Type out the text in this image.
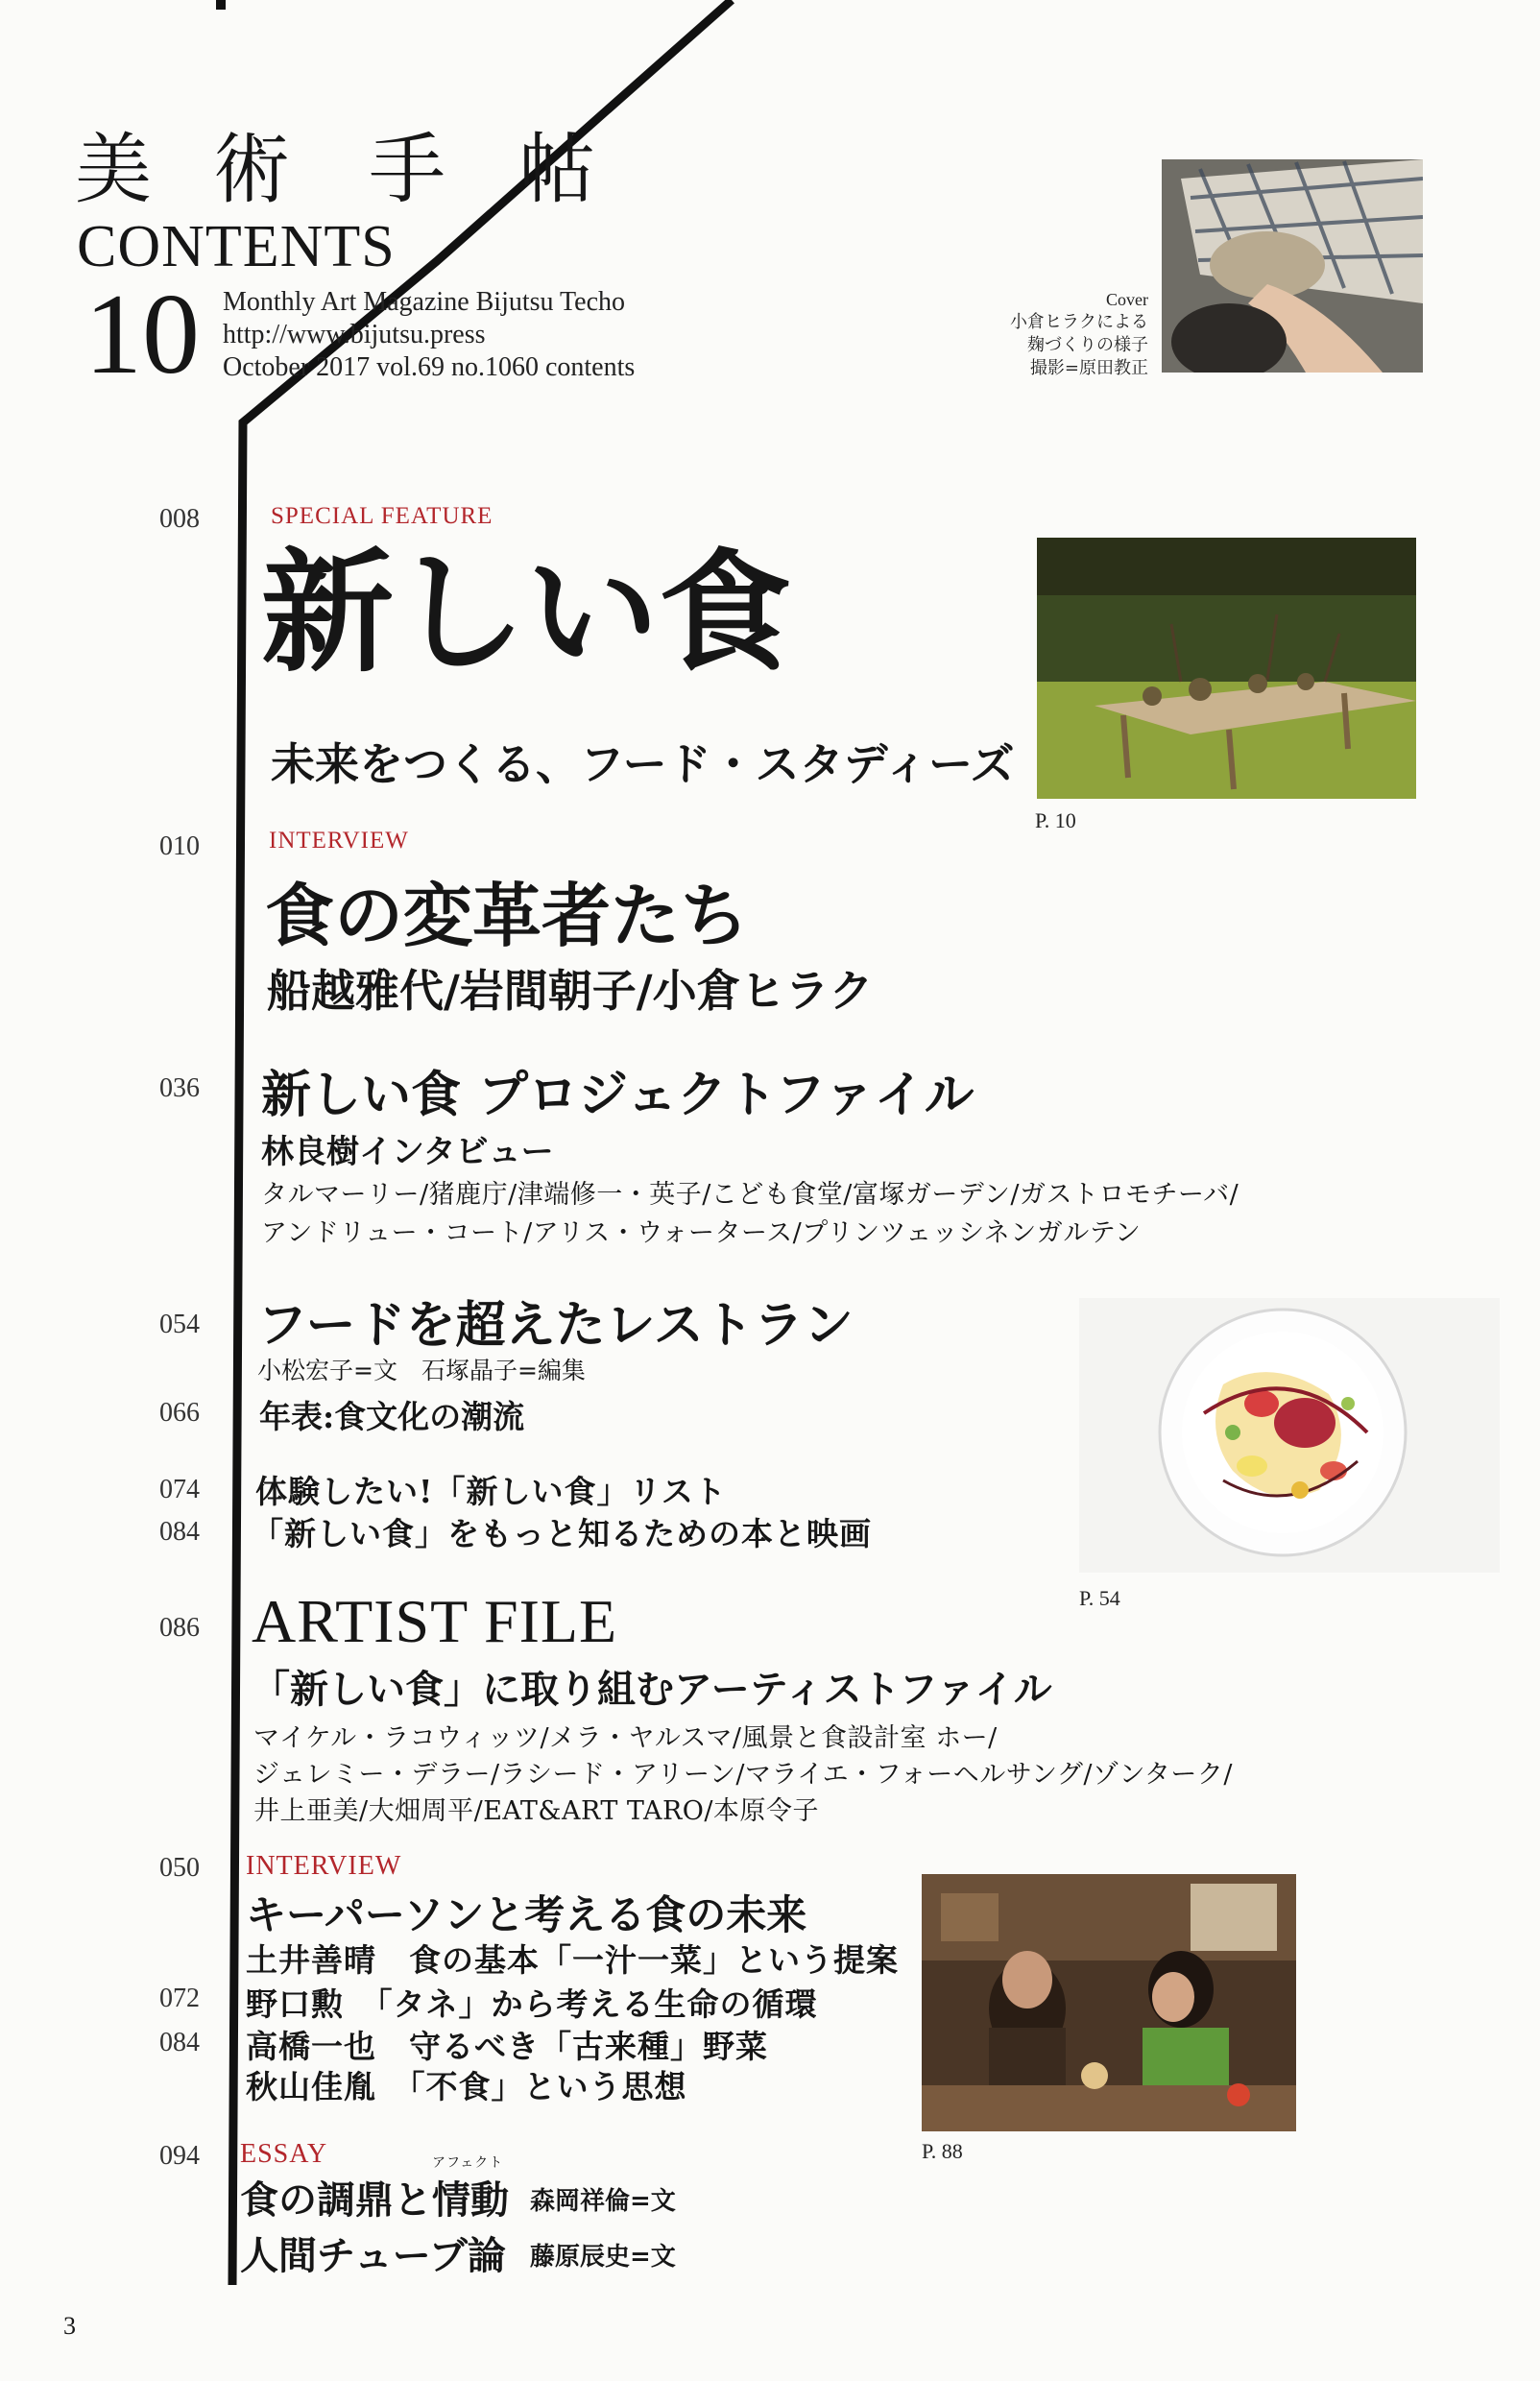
美 術 手 帖
CONTENTS
10 Monthly Art Magazine Bijutsu Techo
http://www.bijutsu.press
October 2017 vol.69 no.1060 contents
Cover
小倉ヒラクによる
麹づくりの様子
撮影=原田教正
008	SPECIAL FEATURE
新しい食
未来をつくる、フード・スタディーズ
P. 10
010	INTERVIEW
食の変革者たち
船越雅代/岩間朝子/小倉ヒラク
036 新しい食 プロジェクトファイル
林良樹インタビュー
タルマーリー/猪鹿庁/津端修一・英子/こども食堂/富塚ガーデン/ガストロモチーバ/
アンドリュー・コート/アリス・ウォータース/プリンツェッシネンガルテン
054 フードを超えたレストラン
小松宏子=文　石塚晶子=編集
P. 54
066 年表:食文化の潮流
074 体験したい!「新しい食」リスト
084 「新しい食」をもっと知るための本と映画
086 ARTIST FILE
「新しい食」に取り組むアーティストファイル
マイケル・ラコウィッツ/メラ・ヤルスマ/風景と食設計室 ホー/
ジェレミー・デラー/ラシード・アリーン/マライエ・フォーヘルサング/ゾンターク/
井上亜美/大畑周平/EAT&ART TARO/本原令子
050 INTERVIEW
キーパーソンと考える食の未来
土井善晴　食の基本「一汁一菜」という提案
072 野口勲　「タネ」から考える生命の循環
084 高橋一也　守るべき「古来種」野菜
秋山佳胤　「不食」という思想
P. 88
094 ESSAY	アフェクト
食の調鼎と情動 森岡祥倫=文
人間チューブ論 藤原辰史=文
3
